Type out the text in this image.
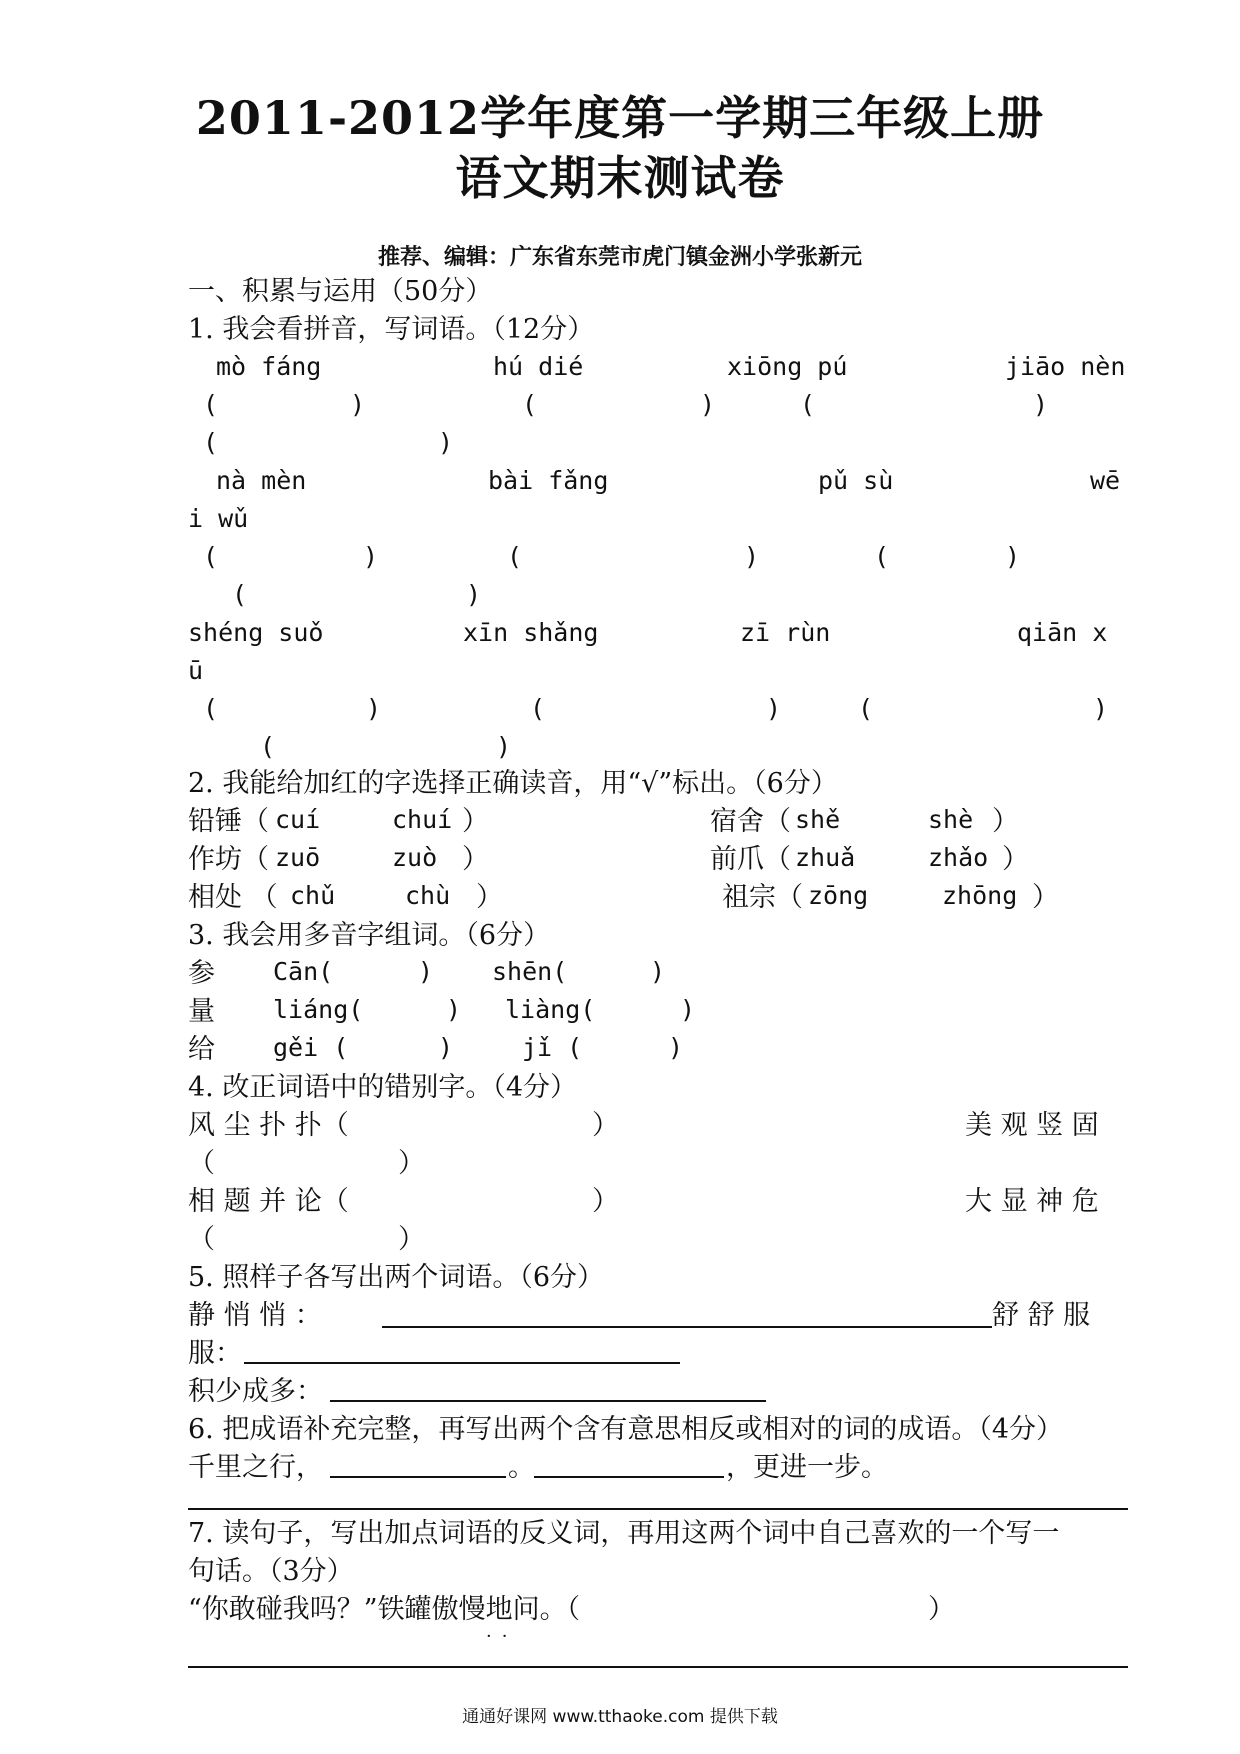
2011-2012学年度第一学期三年级上册
语文期末测试卷
推荐、编辑：广东省东莞市虎门镇金洲小学张新元
一、积累与运用（50分）
1. 我会看拼音，写词语。（12分）
mò fáng	hú dié	xiōng pú	jiāo nèn
(	)	(	)	(	)
(	)
nà mèn	bài fǎng	pǔ sù	wē
i wǔ
(	)	(	)	(	)
(	)
shéng suǒ	xīn shǎng	zī rùn	qiān x
ū
(	)	(	)	(	)
(	)
2. 我能给加红的字选择正确读音，用“√”标出。（6分）
铅锤（ cuí	chuí ）	宿舍（ shě	shè ）
作坊（ zuō	zuò ）	前爪（ zhuǎ	zhǎo ）
相处 （ chǔ	chù ）	祖宗（ zōng	zhōng ）
3. 我会用多音字组词。（6分）
参 Cān(	) shēn(	)
量 liáng(	) liàng(	)
给 gěi (	)	jǐ (	)
4. 改正词语中的错别字。（4分）
风 尘 扑 扑（	）	美 观 竖 固
（	）
相 题 并 论（	）	大 显 神 危
（	）
5. 照样子各写出两个词语。（6分）
静 悄 悄 ：	舒 舒 服
服：
积少成多：
6. 把成语补充完整，再写出两个含有意思相反或相对的词的成语。（4分）
千里之行，	。	，更进一步。
7. 读句子，写出加点词语的反义词，再用这两个词中自己喜欢的一个写一
句话。（3分）
“你敢碰我吗？”铁罐傲慢地问。（
··
）
通通好课网 www.tthaoke.com 提供下载
